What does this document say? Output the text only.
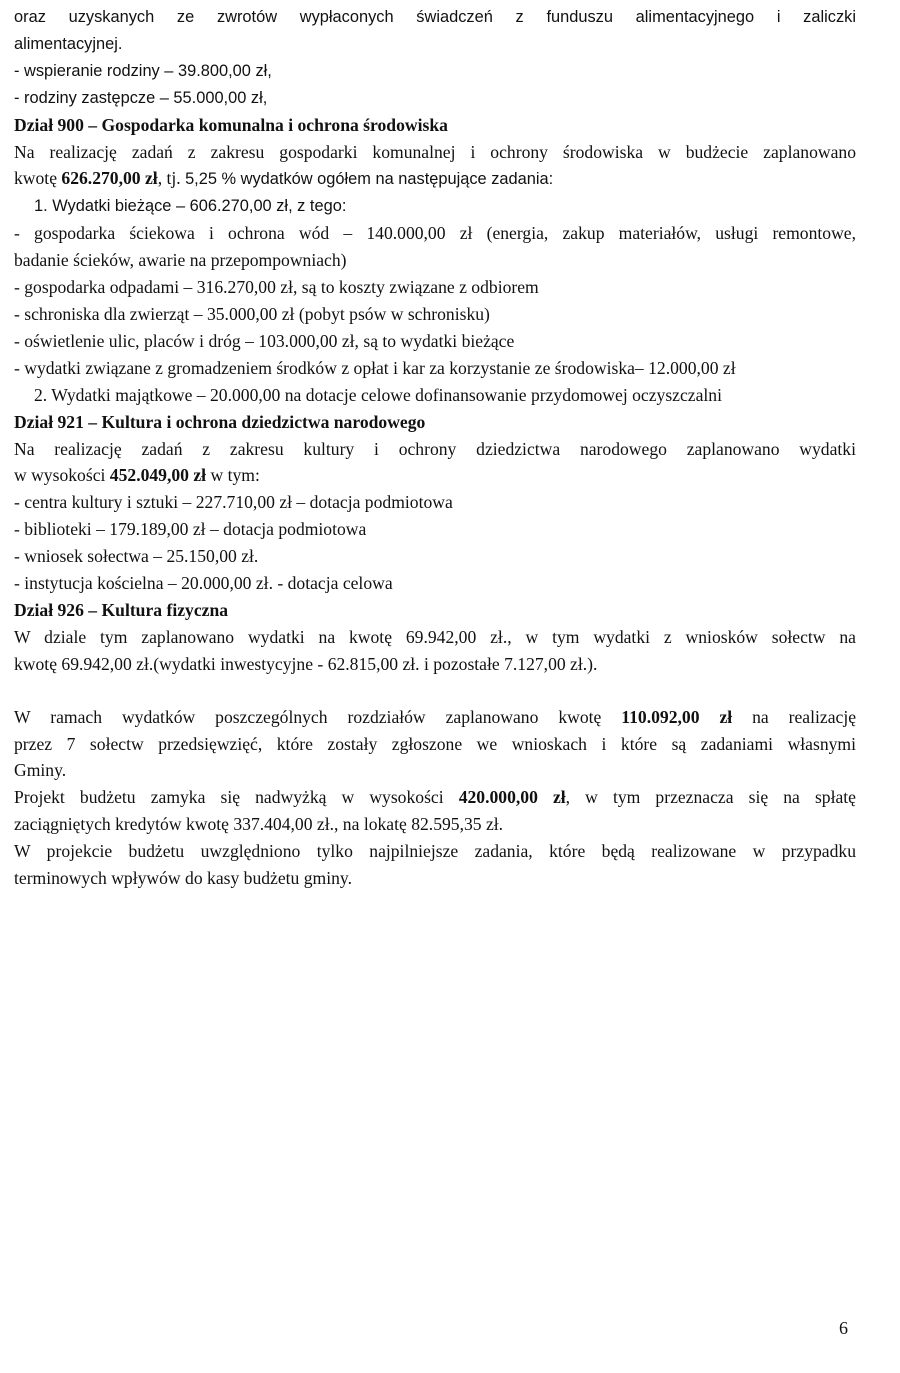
oraz uzyskanych ze zwrotów wypłaconych świadczeń z funduszu alimentacyjnego i zaliczki
alimentacyjnej.
- wspieranie rodziny – 39.800,00 zł,
- rodziny zastępcze – 55.000,00 zł,
Dział 900 – Gospodarka komunalna i ochrona środowiska
Na realizację zadań z zakresu gospodarki komunalnej i ochrony środowiska w budżecie zaplanowano
kwotę 626.270,00 zł, tj. 5,25 % wydatków ogółem na następujące zadania:
1. Wydatki bieżące – 606.270,00 zł, z tego:
- gospodarka ściekowa i ochrona wód – 140.000,00 zł (energia, zakup materiałów, usługi remontowe,
badanie ścieków, awarie na przepompowniach)
- gospodarka odpadami – 316.270,00 zł, są to koszty związane z odbiorem
- schroniska dla zwierząt – 35.000,00 zł (pobyt psów w schronisku)
- oświetlenie ulic, placów i dróg – 103.000,00 zł, są to wydatki bieżące
- wydatki związane z gromadzeniem środków z opłat i kar za korzystanie ze środowiska– 12.000,00 zł
2. Wydatki majątkowe – 20.000,00 na dotacje celowe dofinansowanie przydomowej oczyszczalni
Dział 921 – Kultura i ochrona dziedzictwa narodowego
Na realizację zadań z zakresu kultury i ochrony dziedzictwa narodowego zaplanowano wydatki
w wysokości 452.049,00 zł w tym:
- centra kultury i sztuki – 227.710,00 zł – dotacja podmiotowa
- biblioteki – 179.189,00 zł – dotacja podmiotowa
- wniosek sołectwa – 25.150,00 zł.
- instytucja kościelna – 20.000,00 zł. - dotacja celowa
Dział 926 – Kultura fizyczna
W dziale tym zaplanowano wydatki na kwotę 69.942,00 zł., w tym wydatki z wniosków sołectw na
kwotę 69.942,00 zł.(wydatki inwestycyjne - 62.815,00 zł. i pozostałe 7.127,00 zł.).
W ramach wydatków poszczególnych rozdziałów zaplanowano kwotę 110.092,00 zł na realizację
przez 7 sołectw przedsięwzięć, które zostały zgłoszone we wnioskach i które są zadaniami własnymi
Gminy.
Projekt budżetu zamyka się nadwyżką w wysokości 420.000,00 zł, w tym przeznacza się na spłatę
zaciągniętych kredytów kwotę 337.404,00 zł., na lokatę 82.595,35 zł.
W projekcie budżetu uwzględniono tylko najpilniejsze zadania, które będą realizowane w przypadku
terminowych wpływów do kasy budżetu gminy.
6
